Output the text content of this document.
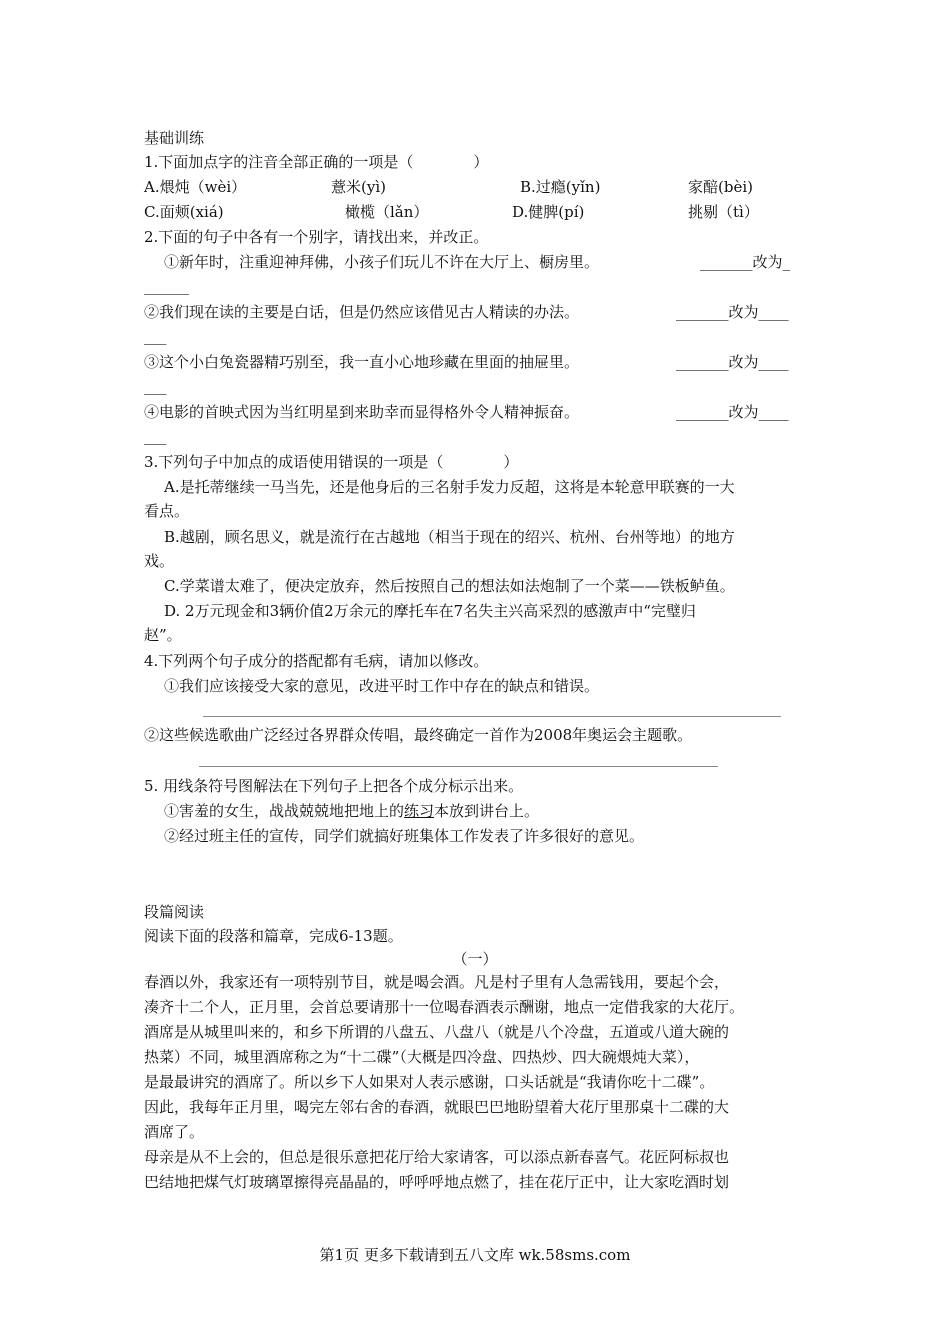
基础训练
1.下面加点字的注音全部正确的一项是（　　　　）
A.煨炖（wèi）	薏米(yì)	B.过瘾(yǐn)	家醅(bèi)
C.面颊(xiá)	橄榄（lǎn）	D.健脾(pí)	挑剔（tì）
2.下面的句子中各有一个别字，请找出来，并改正。
①新年时，注重迎神拜佛，小孩子们玩儿不许在大厅上、橱房里。	_______改为_
______
②我们现在读的主要是白话，但是仍然应该借见古人精读的办法。	_______改为____
___
③这个小白兔瓷器精巧别至，我一直小心地珍藏在里面的抽屉里。	_______改为____
___
④电影的首映式因为当红明星到来助幸而显得格外令人精神振奋。	_______改为____
___
3.下列句子中加点的成语使用错误的一项是（　　　　）
A.是托蒂继续一马当先，还是他身后的三名射手发力反超，这将是本轮意甲联赛的一大
看点。
B.越剧，顾名思义，就是流行在古越地（相当于现在的绍兴、杭州、台州等地）的地方
戏。
C.学菜谱太难了，便决定放弃，然后按照自己的想法如法炮制了一个菜——铁板鲈鱼。
D. 2万元现金和3辆价值2万余元的摩托车在7名失主兴高采烈的感激声中“完璧归
赵”。
4.下列两个句子成分的搭配都有毛病，请加以修改。
①我们应该接受大家的意见，改进平时工作中存在的缺点和错误。
②这些候选歌曲广泛经过各界群众传唱，最终确定一首作为2008年奥运会主题歌。
5. 用线条符号图解法在下列句子上把各个成分标示出来。
①害羞的女生，战战兢兢地把地上的练习本放到讲台上。
②经过班主任的宣传，同学们就搞好班集体工作发表了许多很好的意见。
段篇阅读
阅读下面的段落和篇章，完成6-13题。
（一）
春酒以外，我家还有一项特别节目，就是喝会酒。凡是村子里有人急需钱用，要起个会，
凑齐十二个人，正月里，会首总要请那十一位喝春酒表示酬谢，地点一定借我家的大花厅。
酒席是从城里叫来的，和乡下所谓的八盘五、八盘八（就是八个冷盘，五道或八道大碗的
热菜）不同，城里酒席称之为“十二碟”（大概是四冷盘、四热炒、四大碗煨炖大菜），
是最最讲究的酒席了。所以乡下人如果对人表示感谢，口头话就是“我请你吃十二碟”。
因此，我每年正月里，喝完左邻右舍的春酒，就眼巴巴地盼望着大花厅里那桌十二碟的大
酒席了。
母亲是从不上会的，但总是很乐意把花厅给大家请客，可以添点新春喜气。花匠阿标叔也
巴结地把煤气灯玻璃罩擦得亮晶晶的，呼呼呼地点燃了，挂在花厅正中，让大家吃酒时划
第1页 更多下载请到五八文库 wk.58sms.com
